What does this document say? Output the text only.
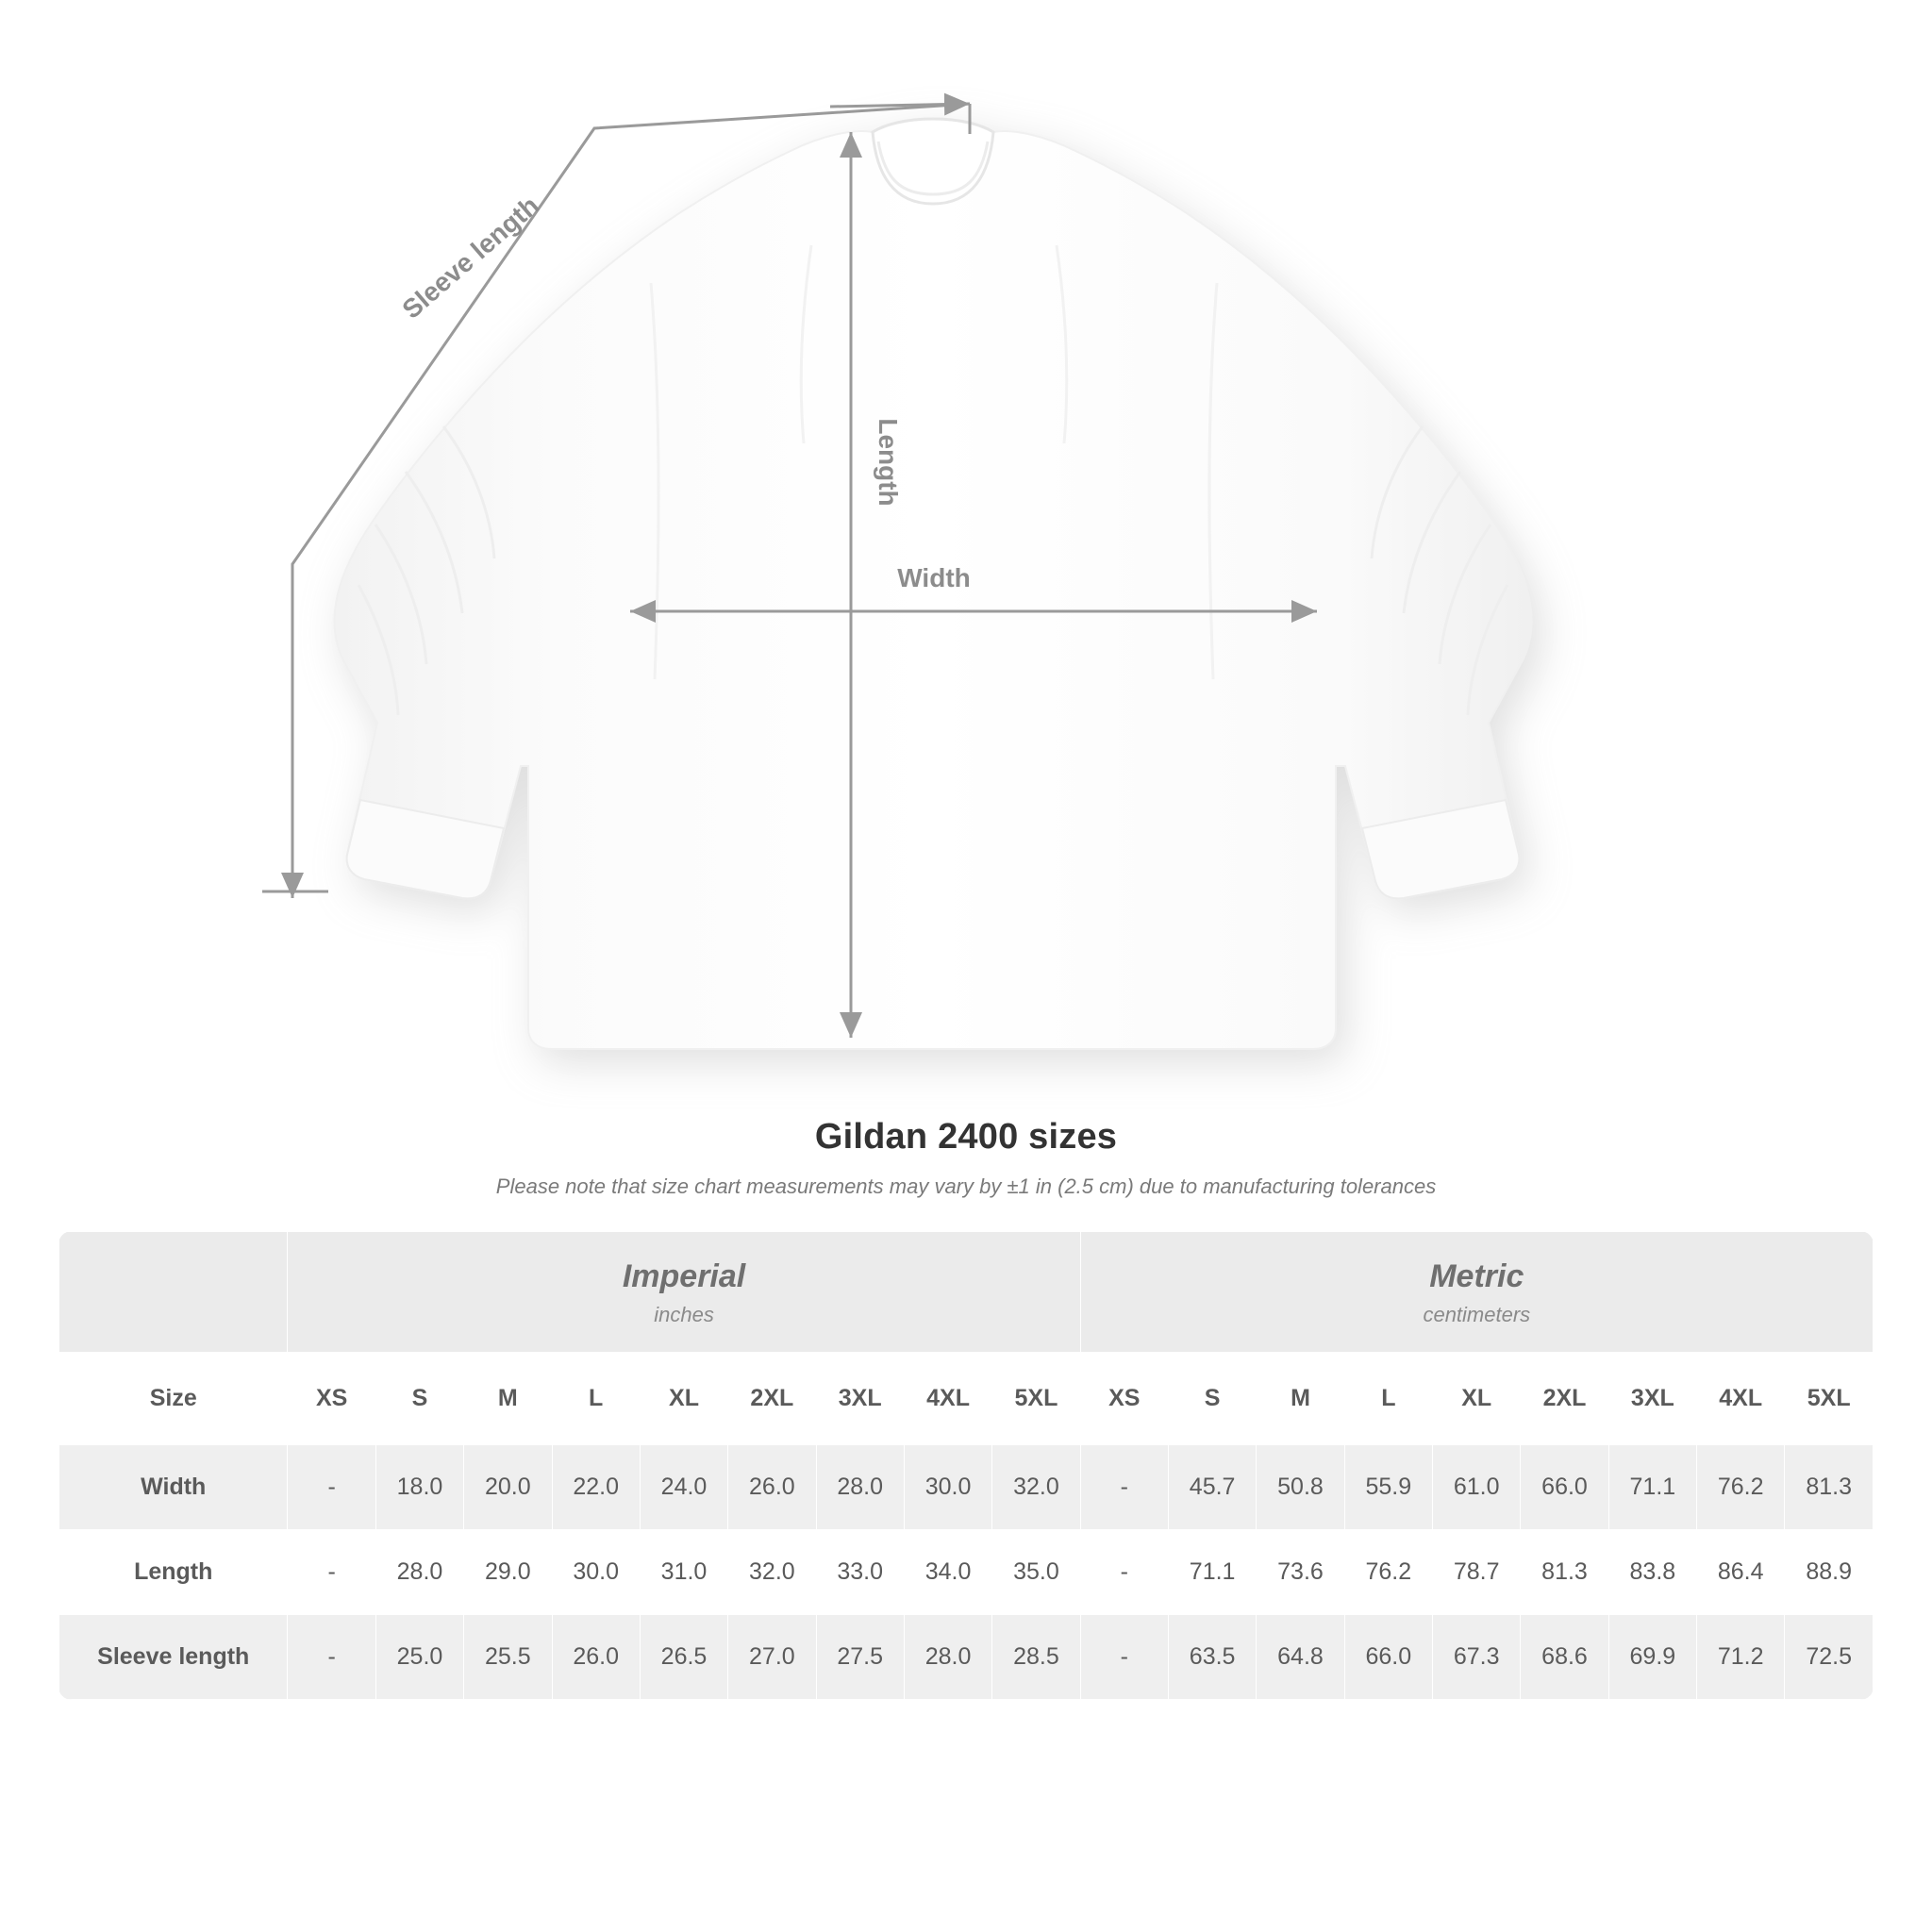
Sleeve length
Length
Width
Gildan 2400 sizes
Please note that size chart measurements may vary by ±1 in (2.5 cm) due to manufacturing tolerances

	Imperial
inches									Metric
centimeters								

Size	XS	S	M	L	XL	2XL	3XL	4XL	5XL	XS	S	M	L	XL	2XL	3XL	4XL	5XL
Width	-	18.0	20.0	22.0	24.0	26.0	28.0	30.0	32.0	-	45.7	50.8	55.9	61.0	66.0	71.1	76.2	81.3
Length	-	28.0	29.0	30.0	31.0	32.0	33.0	34.0	35.0	-	71.1	73.6	76.2	78.7	81.3	83.8	86.4	88.9
Sleeve length	-	25.0	25.5	26.0	26.5	27.0	27.5	28.0	28.5	-	63.5	64.8	66.0	67.3	68.6	69.9	71.2	72.5
